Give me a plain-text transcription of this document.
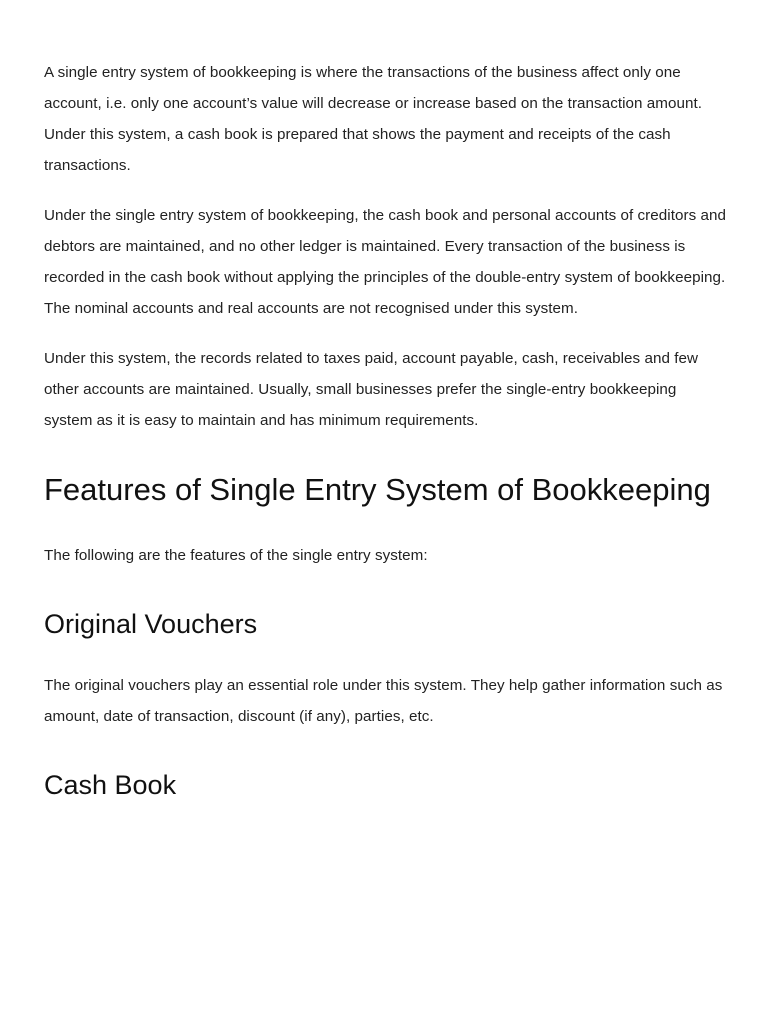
A single entry system of bookkeeping is where the transactions of the business affect only one account, i.e. only one account’s value will decrease or increase based on the transaction amount. Under this system, a cash book is prepared that shows the payment and receipts of the cash transactions.

Under the single entry system of bookkeeping, the cash book and personal accounts of creditors and debtors are maintained, and no other ledger is maintained. Every transaction of the business is recorded in the cash book without applying the principles of the double-entry system of bookkeeping. The nominal accounts and real accounts are not recognised under this system.

Under this system, the records related to taxes paid, account payable, cash, receivables and few other accounts are maintained. Usually, small businesses prefer the single-entry bookkeeping system as it is easy to maintain and has minimum requirements.

Features of Single Entry System of Bookkeeping

The following are the features of the single entry system:

Original Vouchers

The original vouchers play an essential role under this system. They help gather information such as amount, date of transaction, discount (if any), parties, etc.

Cash Book
